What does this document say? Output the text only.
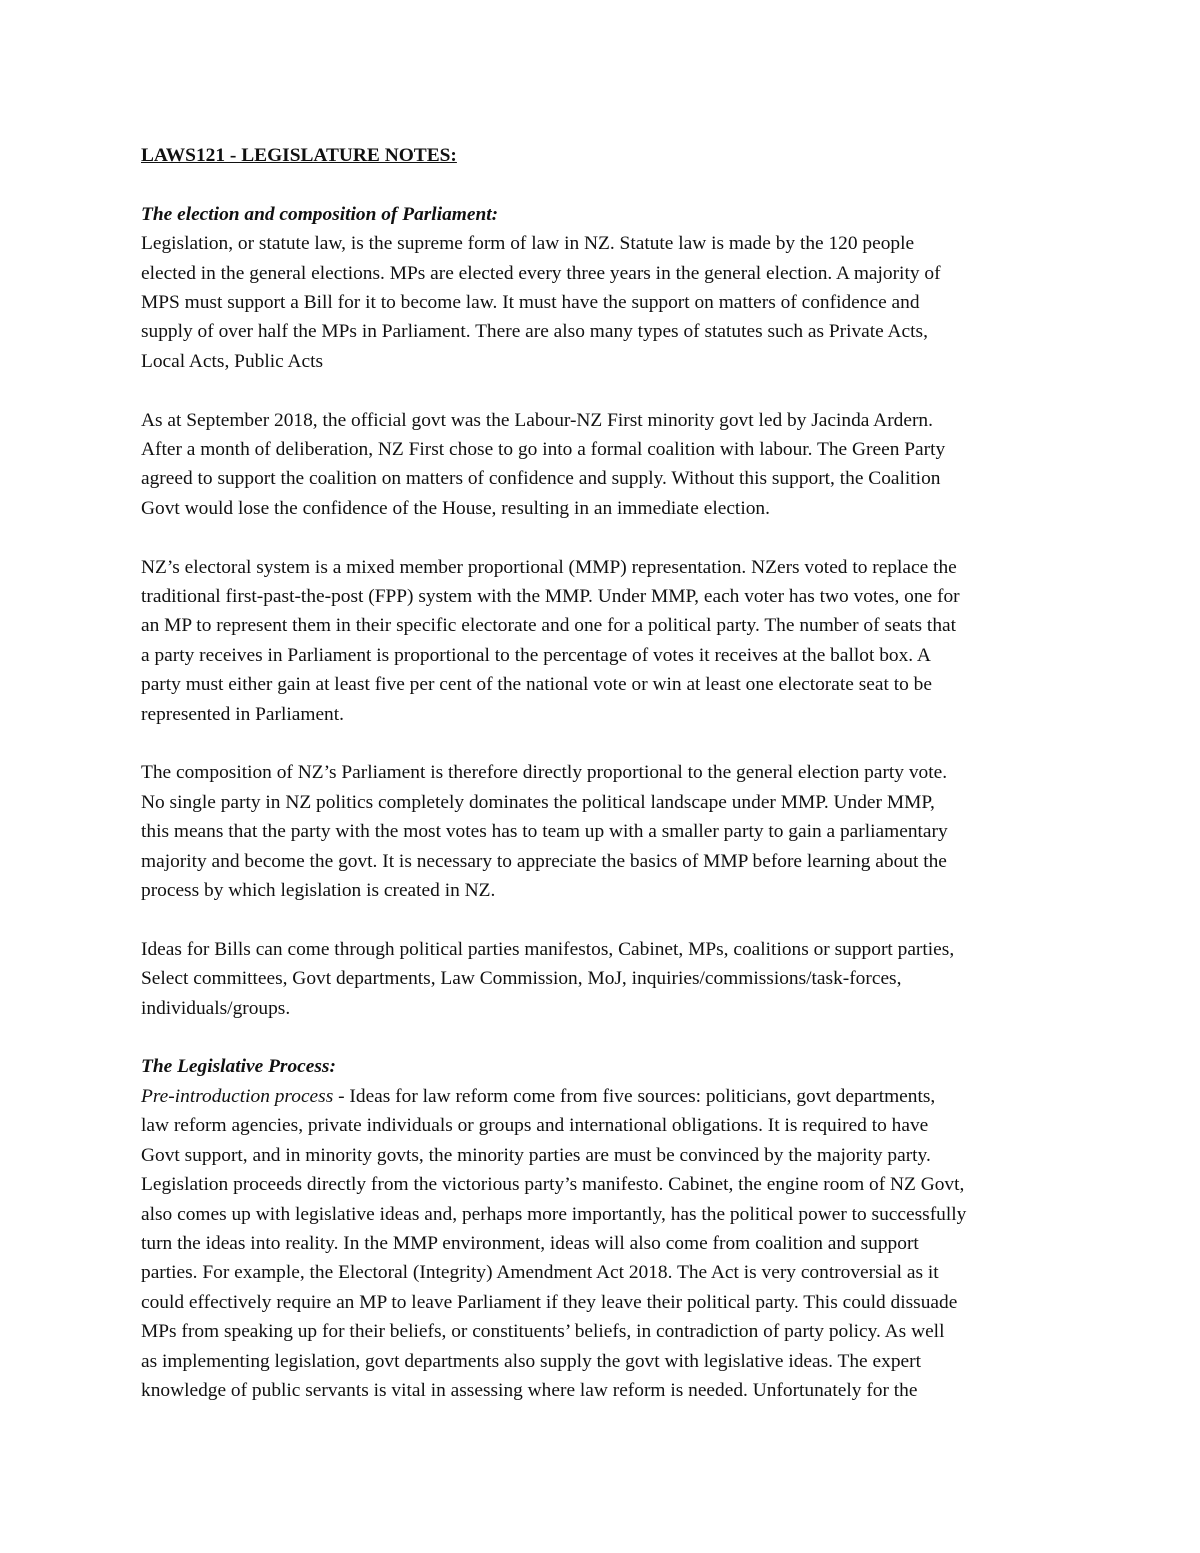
LAWS121 - LEGISLATURE NOTES:

The election and composition of Parliament:

Legislation, or statute law, is the supreme form of law in NZ. Statute law is made by the 120 people

elected in the general elections. MPs are elected every three years in the general election. A majority of

MPS must support a Bill for it to become law. It must have the support on matters of confidence and

supply of over half the MPs in Parliament. There are also many types of statutes such as Private Acts,

Local Acts, Public Acts

As at September 2018, the official govt was the Labour-NZ First minority govt led by Jacinda Ardern.

After a month of deliberation, NZ First chose to go into a formal coalition with labour. The Green Party

agreed to support the coalition on matters of confidence and supply. Without this support, the Coalition

Govt would lose the confidence of the House, resulting in an immediate election.

NZ’s electoral system is a mixed member proportional (MMP) representation. NZers voted to replace the

traditional first-past-the-post (FPP) system with the MMP. Under MMP, each voter has two votes, one for

an MP to represent them in their specific electorate and one for a political party. The number of seats that

a party receives in Parliament is proportional to the percentage of votes it receives at the ballot box. A

party must either gain at least five per cent of the national vote or win at least one electorate seat to be

represented in Parliament.

The composition of NZ’s Parliament is therefore directly proportional to the general election party vote.

No single party in NZ politics completely dominates the political landscape under MMP. Under MMP,

this means that the party with the most votes has to team up with a smaller party to gain a parliamentary

majority and become the govt. It is necessary to appreciate the basics of MMP before learning about the

process by which legislation is created in NZ.

Ideas for Bills can come through political parties manifestos, Cabinet, MPs, coalitions or support parties,

Select committees, Govt departments, Law Commission, MoJ, inquiries/commissions/task-forces,

individuals/groups.

The Legislative Process:

Pre-introduction process - Ideas for law reform come from five sources: politicians, govt departments,

law reform agencies, private individuals or groups and international obligations. It is required to have

Govt support, and in minority govts, the minority parties are must be convinced by the majority party.

Legislation proceeds directly from the victorious party’s manifesto. Cabinet, the engine room of NZ Govt,

also comes up with legislative ideas and, perhaps more importantly, has the political power to successfully

turn the ideas into reality. In the MMP environment, ideas will also come from coalition and support

parties. For example, the Electoral (Integrity) Amendment Act 2018. The Act is very controversial as it

could effectively require an MP to leave Parliament if they leave their political party. This could dissuade

MPs from speaking up for their beliefs, or constituents’ beliefs, in contradiction of party policy. As well

as implementing legislation, govt departments also supply the govt with legislative ideas. The expert

knowledge of public servants is vital in assessing where law reform is needed. Unfortunately for the
